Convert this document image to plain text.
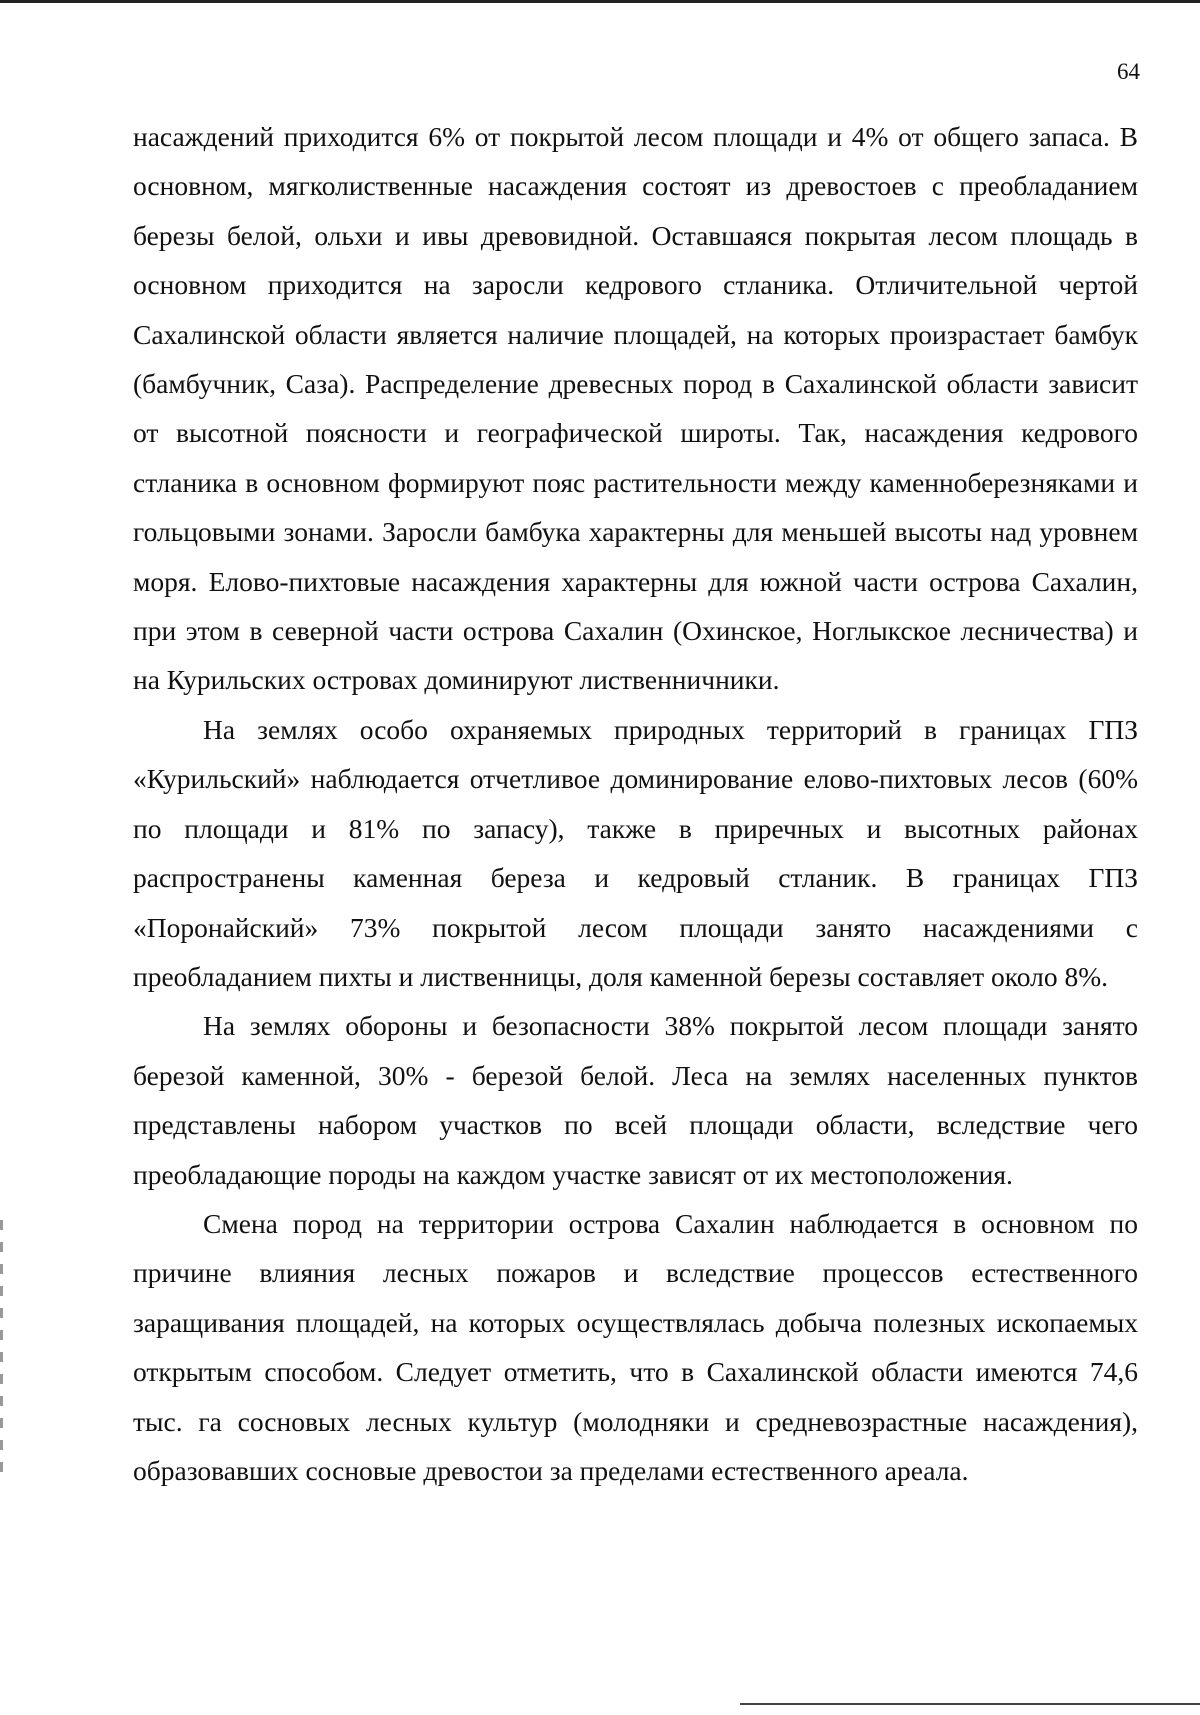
64

насаждений приходится 6% от покрытой лесом площади и 4% от общего запаса. В основном, мягколиственные насаждения состоят из древостоев с преобладанием березы белой, ольхи и ивы древовидной. Оставшаяся покрытая лесом площадь в основном приходится на заросли кедрового стланика. Отличительной чертой Сахалинской области является наличие площадей, на которых произрастает бамбук (бамбучник, Саза). Распределение древесных пород в Сахалинской области зависит от высотной поясности и географической широты. Так, насаждения кедрового стланика в основном формируют пояс растительности между каменноберезняками и гольцовыми зонами. Заросли бамбука характерны для меньшей высоты над уровнем моря. Елово-пихтовые насаждения характерны для южной части острова Сахалин, при этом в северной части острова Сахалин (Охинское, Ноглыкское лесничества) и на Курильских островах доминируют лиственничники.

На землях особо охраняемых природных территорий в границах ГПЗ «Курильский» наблюдается отчетливое доминирование елово-пихтовых лесов (60% по площади и 81% по запасу), также в приречных и высотных районах распространены каменная береза и кедровый стланик. В границах ГПЗ «Поронайский» 73% покрытой лесом площади занято насаждениями с преобладанием пихты и лиственницы, доля каменной березы составляет около 8%.

На землях обороны и безопасности 38% покрытой лесом площади занято березой каменной, 30% - березой белой. Леса на землях населенных пунктов представлены набором участков по всей площади области, вследствие чего преобладающие породы на каждом участке зависят от их местоположения.

Смена пород на территории острова Сахалин наблюдается в основном по причине влияния лесных пожаров и вследствие процессов естественного заращивания площадей, на которых осуществлялась добыча полезных ископаемых открытым способом. Следует отметить, что в Сахалинской области имеются 74,6 тыс. га сосновых лесных культур (молодняки и средневозрастные насаждения), образовавших сосновые древостои за пределами естественного ареала.
